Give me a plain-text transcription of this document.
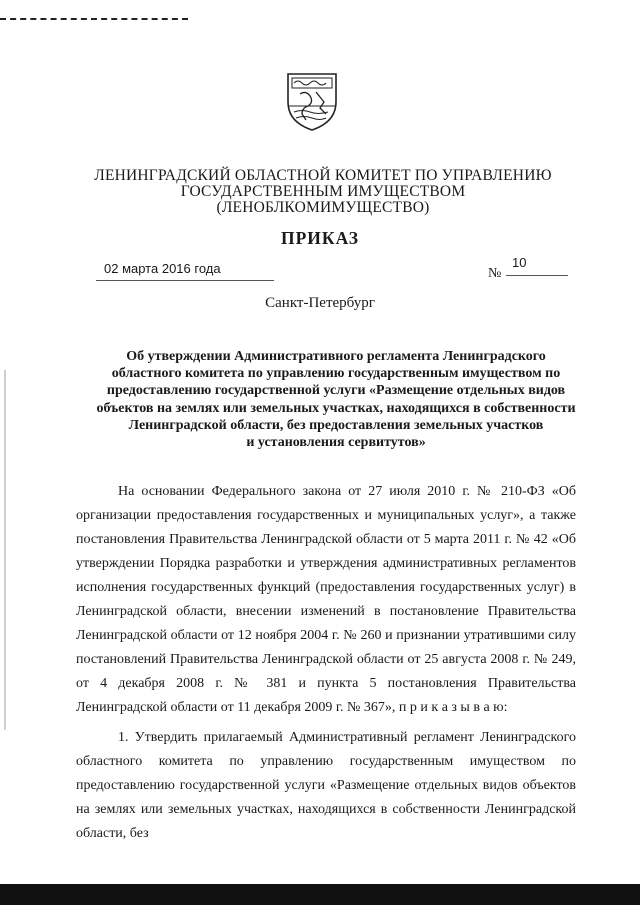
ЛЕНИНГРАДСКИЙ ОБЛАСТНОЙ КОМИТЕТ ПО УПРАВЛЕНИЮ
ГОСУДАРСТВЕННЫМ ИМУЩЕСТВОМ
(ЛЕНОБЛКОМИМУЩЕСТВО)
ПРИКАЗ
02 марта 2016 года	№
10
Санкт-Петербург
Об утверждении Административного регламента Ленинградского
областного комитета по управлению государственным имуществом по
предоставлению государственной услуги «Размещение отдельных видов
объектов на землях или земельных участках, находящихся в собственности
Ленинградской области, без предоставления земельных участков
и установления сервитутов»
На основании Федерального закона от 27 июля 2010 г. № 210-ФЗ «Об организации предоставления государственных и муниципальных услуг», а также постановления Правительства Ленинградской области от 5 марта 2011 г. № 42 «Об утверждении Порядка разработки и утверждения административных регламентов исполнения государственных функций (предоставления государственных услуг) в Ленинградской области, внесении изменений в постановление Правительства Ленинградской области от 12 ноября 2004 г. № 260 и признании утратившими силу постановлений Правительства Ленинградской области от 25 августа 2008 г. № 249, от 4 декабря 2008 г. № 381 и пункта 5 постановления Правительства Ленинградской области от 11 декабря 2009 г. № 367», п р и к а з ы в а ю:
1. Утвердить прилагаемый Административный регламент Ленинградского областного комитета по управлению государственным имуществом по предоставлению государственной услуги «Размещение отдельных видов объектов на землях или земельных участках, находящихся в собственности Ленинградской области, без
